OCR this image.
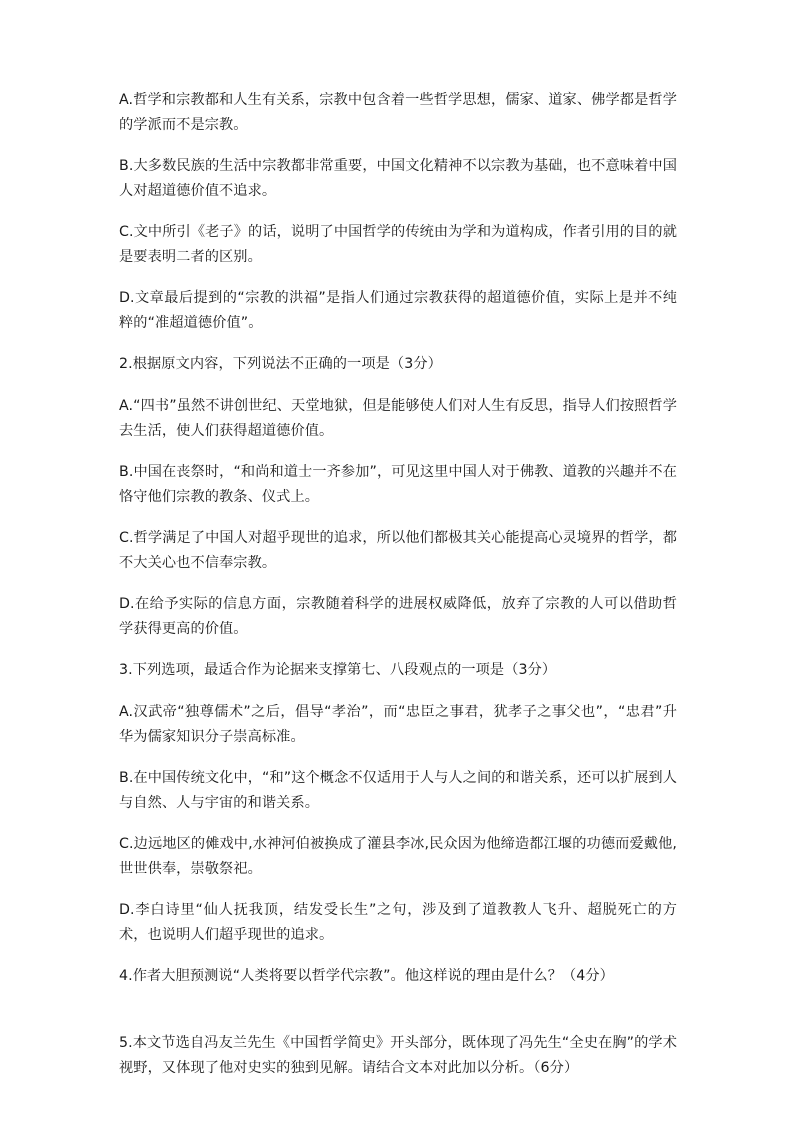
A.哲学和宗教都和人生有关系，宗教中包含着一些哲学思想，儒家、道家、佛学都是哲学的学派而不是宗教。

B.大多数民族的生活中宗教都非常重要，中国文化精神不以宗教为基础，也不意味着中国人对超道德价值不追求。

C.文中所引《老子》的话，说明了中国哲学的传统由为学和为道构成，作者引用的目的就是要表明二者的区别。

D.文章最后提到的“宗教的洪福”是指人们通过宗教获得的超道德价值，实际上是并不纯粹的“准超道德价值”。

2.根据原文内容，下列说法不正确的一项是（3分）

A.“四书”虽然不讲创世纪、天堂地狱，但是能够使人们对人生有反思，指导人们按照哲学去生活，使人们获得超道德价值。

B.中国在丧祭时，“和尚和道士一齐参加”，可见这里中国人对于佛教、道教的兴趣并不在恪守他们宗教的教条、仪式上。

C.哲学满足了中国人对超乎现世的追求，所以他们都极其关心能提高心灵境界的哲学，都不大关心也不信奉宗教。

D.在给予实际的信息方面，宗教随着科学的进展权威降低，放弃了宗教的人可以借助哲学获得更高的价值。

3.下列选项，最适合作为论据来支撑第七、八段观点的一项是（3分）

A.汉武帝“独尊儒术”之后，倡导“孝治”，而“忠臣之事君，犹孝子之事父也”，“忠君”升华为儒家知识分子崇高标准。

B.在中国传统文化中，“和”这个概念不仅适用于人与人之间的和谐关系，还可以扩展到人与自然、人与宇宙的和谐关系。

C.边远地区的傩戏中,水神河伯被换成了灌县李冰,民众因为他缔造都江堰的功德而爱戴他,世世供奉，崇敬祭祀。

D.李白诗里“仙人抚我顶，结发受长生”之句，涉及到了道教教人飞升、超脱死亡的方术，也说明人们超乎现世的追求。

4.作者大胆预测说“人类将要以哲学代宗教”。他这样说的理由是什么？（4分）

5.本文节选自冯友兰先生《中国哲学简史》开头部分，既体现了冯先生“全史在胸”的学术视野，又体现了他对史实的独到见解。请结合文本对此加以分析。（6分）
